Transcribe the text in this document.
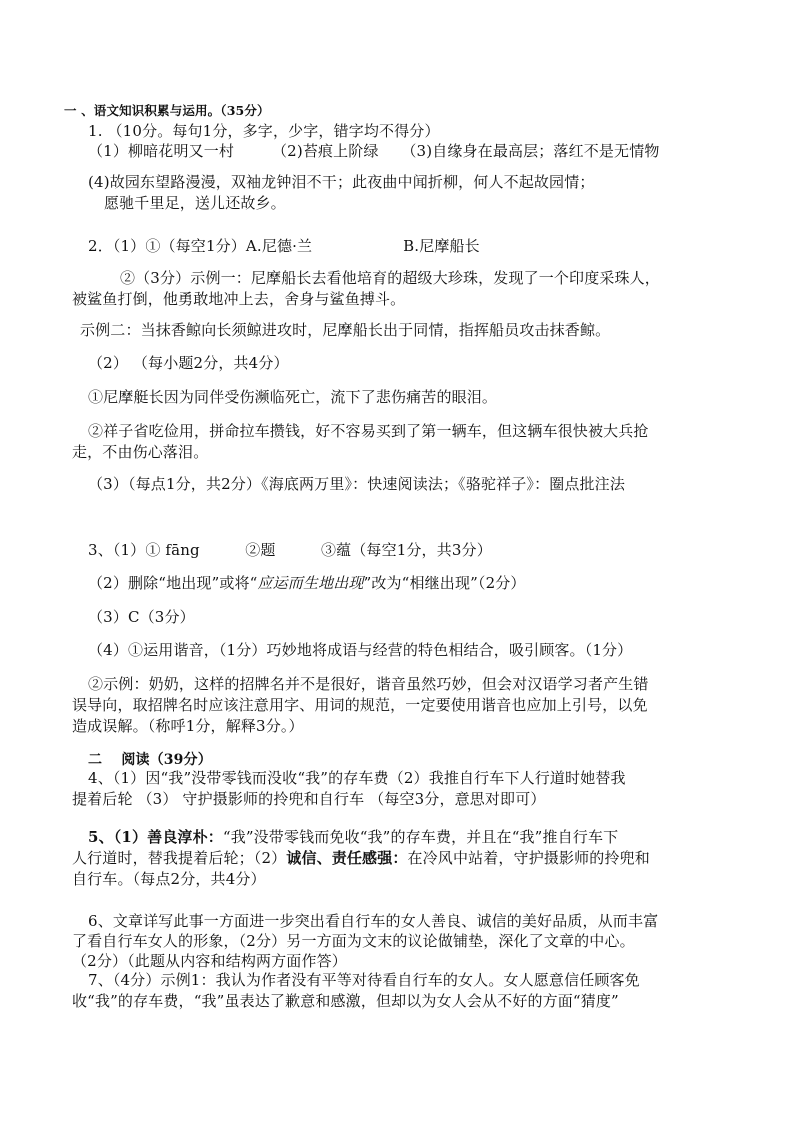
一 、语文知识积累与运用。（35分）
1. （10分。每句1分，多字，少字，错字均不得分）
（1）柳暗花明又一村　　　（2)苔痕上阶绿　　（3)自缘身在最高层；落红不是无情物
(4)故园东望路漫漫，双袖龙钟泪不干；此夜曲中闻折柳，何人不起故园情；
愿驰千里足，送儿还故乡。
2．（1）①（每空1分）A.尼德·兰　　　　　　B.尼摩船长
②（3分）示例一：尼摩船长去看他培育的超级大珍珠，发现了一个印度采珠人，
被鲨鱼打倒，他勇敢地冲上去，舍身与鲨鱼搏斗。
示例二：当抹香鲸向长须鲸进攻时，尼摩船长出于同情，指挥船员攻击抹香鲸。
（2） （每小题2分，共4分）
①尼摩艇长因为同伴受伤濒临死亡，流下了悲伤痛苦的眼泪。
②祥子省吃俭用，拼命拉车攒钱，好不容易买到了第一辆车，但这辆车很快被大兵抢
走，不由伤心落泪。
（3）（每点1分，共2分）《海底两万里》：快速阅读法；《骆驼祥子》：圈点批注法
3、（1）① fāng　　　②题　　　③蕴（每空1分，共3分）
（2）删除“地出现”或将“应运而生地出现”改为“相继出现”（2分）
（3）C（3分）
（4）①运用谐音，（1分）巧妙地将成语与经营的特色相结合，吸引顾客。（1分）
②示例：奶奶，这样的招牌名并不是很好，谐音虽然巧妙，但会对汉语学习者产生错
误导向，取招牌名时应该注意用字、用词的规范，一定要使用谐音也应加上引号，以免
造成误解。（称呼1分，解释3分。）
二　 阅读（39分）
4、（1）因“我”没带零钱而没收“我”的存车费（2）我推自行车下人行道时她替我
提着后轮 （3） 守护摄影师的拎兜和自行车 （每空3分，意思对即可）
5、（1）善良淳朴：“我”没带零钱而免收“我”的存车费，并且在“我”推自行车下
人行道时，替我提着后轮；（2）诚信、责任感强：在冷风中站着，守护摄影师的拎兜和
自行车。（每点2分，共4分）
6、文章详写此事一方面进一步突出看自行车的女人善良、诚信的美好品质，从而丰富
了看自行车女人的形象，（2分）另一方面为文末的议论做铺垫，深化了文章的中心。
（2分）（此题从内容和结构两方面作答）
7、（4分）示例1：我认为作者没有平等对待看自行车的女人。女人愿意信任顾客免
收“我”的存车费，“我”虽表达了歉意和感激，但却以为女人会从不好的方面“猜度”
